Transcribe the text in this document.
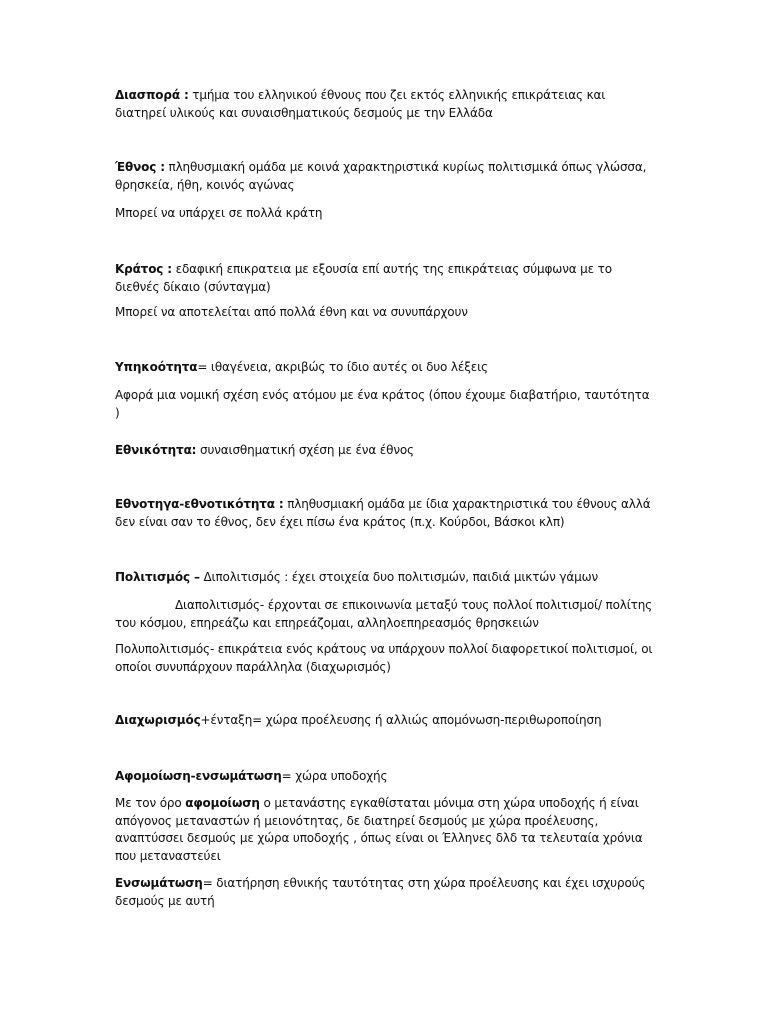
Διασπορά : τμήμα του ελληνικού έθνους που ζει εκτός ελληνικής επικράτειας και διατηρεί υλικούς και συναισθηματικούς δεσμούς με την Ελλάδα

Έθνος : πληθυσμιακή ομάδα με κοινά χαρακτηριστικά κυρίως πολιτισμικά όπως γλώσσα, θρησκεία, ήθη, κοινός αγώνας

Μπορεί να υπάρχει σε πολλά κράτη

Κράτος : εδαφική επικρατεια με εξουσία επί αυτής της επικράτειας σύμφωνα με το διεθνές δίκαιο (σύνταγμα)

Μπορεί να αποτελείται από πολλά έθνη και να συνυπάρχουν

Υπηκοότητα= ιθαγένεια, ακριβώς το ίδιο αυτές οι δυο λέξεις

Αφορά μια νομική σχέση ενός ατόμου με ένα κράτος (όπου έχουμε διαβατήριο, ταυτότητα )

Εθνικότητα: συναισθηματική σχέση με ένα έθνος

Εθνοτηγα-εθνοτικότητα : πληθυσμιακή ομάδα με ίδια χαρακτηριστικά του έθνους αλλά δεν είναι σαν το έθνος, δεν έχει πίσω ένα κράτος (π.χ. Κούρδοι, Βάσκοι κλπ)

Πολιτισμός – Διπολιτισμός : έχει στοιχεία δυο πολιτισμών, παιδιά μικτών γάμων

Διαπολιτισμός- έρχονται σε επικοινωνία μεταξύ τους πολλοί πολιτισμοί/ πολίτης του κόσμου, επηρεάζω και επηρεάζομαι, αλληλοεπηρεασμός θρησκειών

Πολυπολιτισμός- επικράτεια ενός κράτους να υπάρχουν πολλοί διαφορετικοί πολιτισμοί, οι οποίοι συνυπάρχουν παράλληλα (διαχωρισμός)

Διαχωρισμός+ένταξη= χώρα προέλευσης ή αλλιώς απομόνωση-περιθωροποίηση

Αφομοίωση-ενσωμάτωση= χώρα υποδοχής

Με τον όρο αφομοίωση ο μετανάστης εγκαθίσταται μόνιμα στη χώρα υποδοχής ή είναι απόγονος μεταναστών ή μειονότητας, δε διατηρεί δεσμούς με χώρα προέλευσης, αναπτύσσει δεσμούς με χώρα υποδοχής , όπως είναι οι Έλληνες δλδ τα τελευταία χρόνια που μεταναστεύει

Ενσωμάτωση= διατήρηση εθνικής ταυτότητας στη χώρα προέλευσης και έχει ισχυρούς δεσμούς με αυτή
